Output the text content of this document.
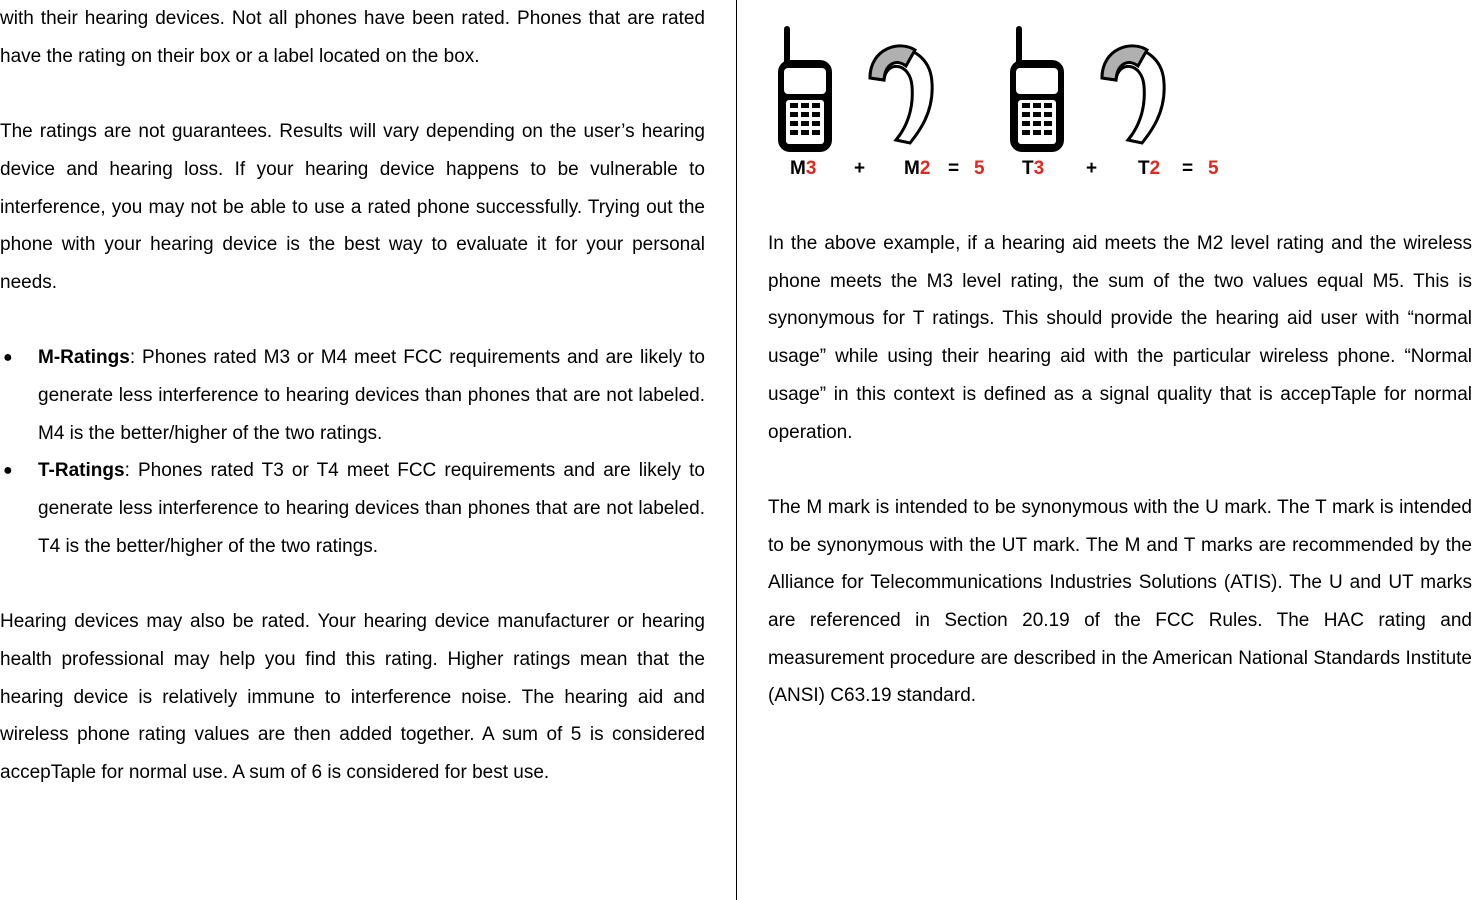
with their hearing devices. Not all phones have been rated. Phones that are rated have the rating on their box or a label located on the box.

The ratings are not guarantees. Results will vary depending on the user’s hearing device and hearing loss. If your hearing device happens to be vulnerable to interference, you may not be able to use a rated phone successfully. Trying out the phone with your hearing device is the best way to evaluate it for your personal needs.

● M-Ratings: Phones rated M3 or M4 meet FCC requirements and are likely to generate less interference to hearing devices than phones that are not labeled. M4 is the better/higher of the two ratings.
● T-Ratings: Phones rated T3 or T4 meet FCC requirements and are likely to generate less interference to hearing devices than phones that are not labeled. T4 is the better/higher of the two ratings.

Hearing devices may also be rated. Your hearing device manufacturer or hearing health professional may help you find this rating. Higher ratings mean that the hearing device is relatively immune to interference noise. The hearing aid and wireless phone rating values are then added together. A sum of 5 is considered accepTaple for normal use. A sum of 6 is considered for best use.

M3 + M2 = 5 T3 + T2 = 5

In the above example, if a hearing aid meets the M2 level rating and the wireless phone meets the M3 level rating, the sum of the two values equal M5. This is synonymous for T ratings. This should provide the hearing aid user with “normal usage” while using their hearing aid with the particular wireless phone. “Normal usage” in this context is defined as a signal quality that is accepTaple for normal operation.

The M mark is intended to be synonymous with the U mark. The T mark is intended to be synonymous with the UT mark. The M and T marks are recommended by the Alliance for Telecommunications Industries Solutions (ATIS). The U and UT marks are referenced in Section 20.19 of the FCC Rules. The HAC rating and measurement procedure are described in the American National Standards Institute (ANSI) C63.19 standard.
